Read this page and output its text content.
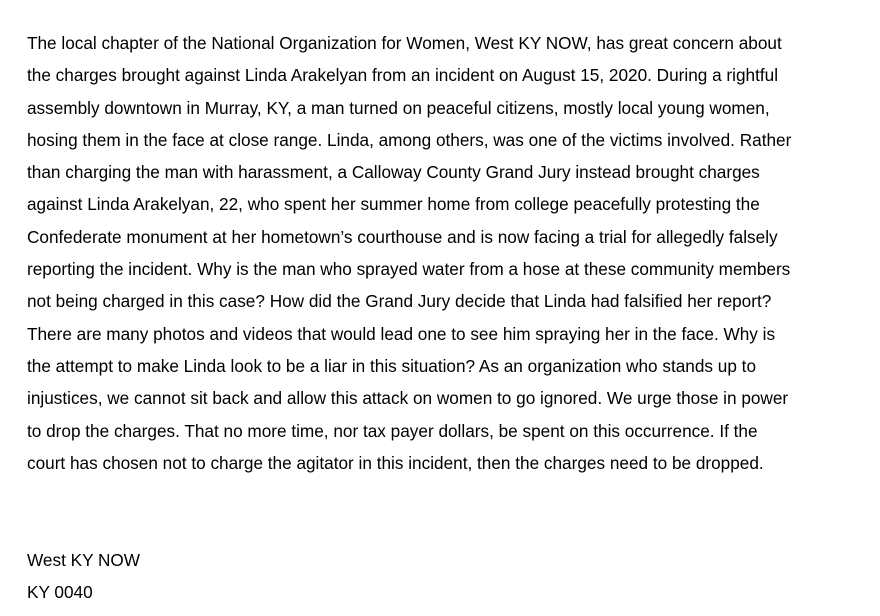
The local chapter of the National Organization for Women, West KY NOW, has great concern about
the charges brought against Linda Arakelyan from an incident on August 15, 2020. During a rightful
assembly downtown in Murray, KY, a man turned on peaceful citizens, mostly local young women,
hosing them in the face at close range. Linda, among others, was one of the victims involved. Rather
than charging the man with harassment, a Calloway County Grand Jury instead brought charges
against Linda Arakelyan, 22, who spent her summer home from college peacefully protesting the
Confederate monument at her hometown’s courthouse and is now facing a trial for allegedly falsely
reporting the incident. Why is the man who sprayed water from a hose at these community members
not being charged in this case? How did the Grand Jury decide that Linda had falsified her report?
There are many photos and videos that would lead one to see him spraying her in the face. Why is
the attempt to make Linda look to be a liar in this situation? As an organization who stands up to
injustices, we cannot sit back and allow this attack on women to go ignored. We urge those in power
to drop the charges. That no more time, nor tax payer dollars, be spent on this occurrence. If the
court has chosen not to charge the agitator in this incident, then the charges need to be dropped.
West KY NOW
KY 0040
